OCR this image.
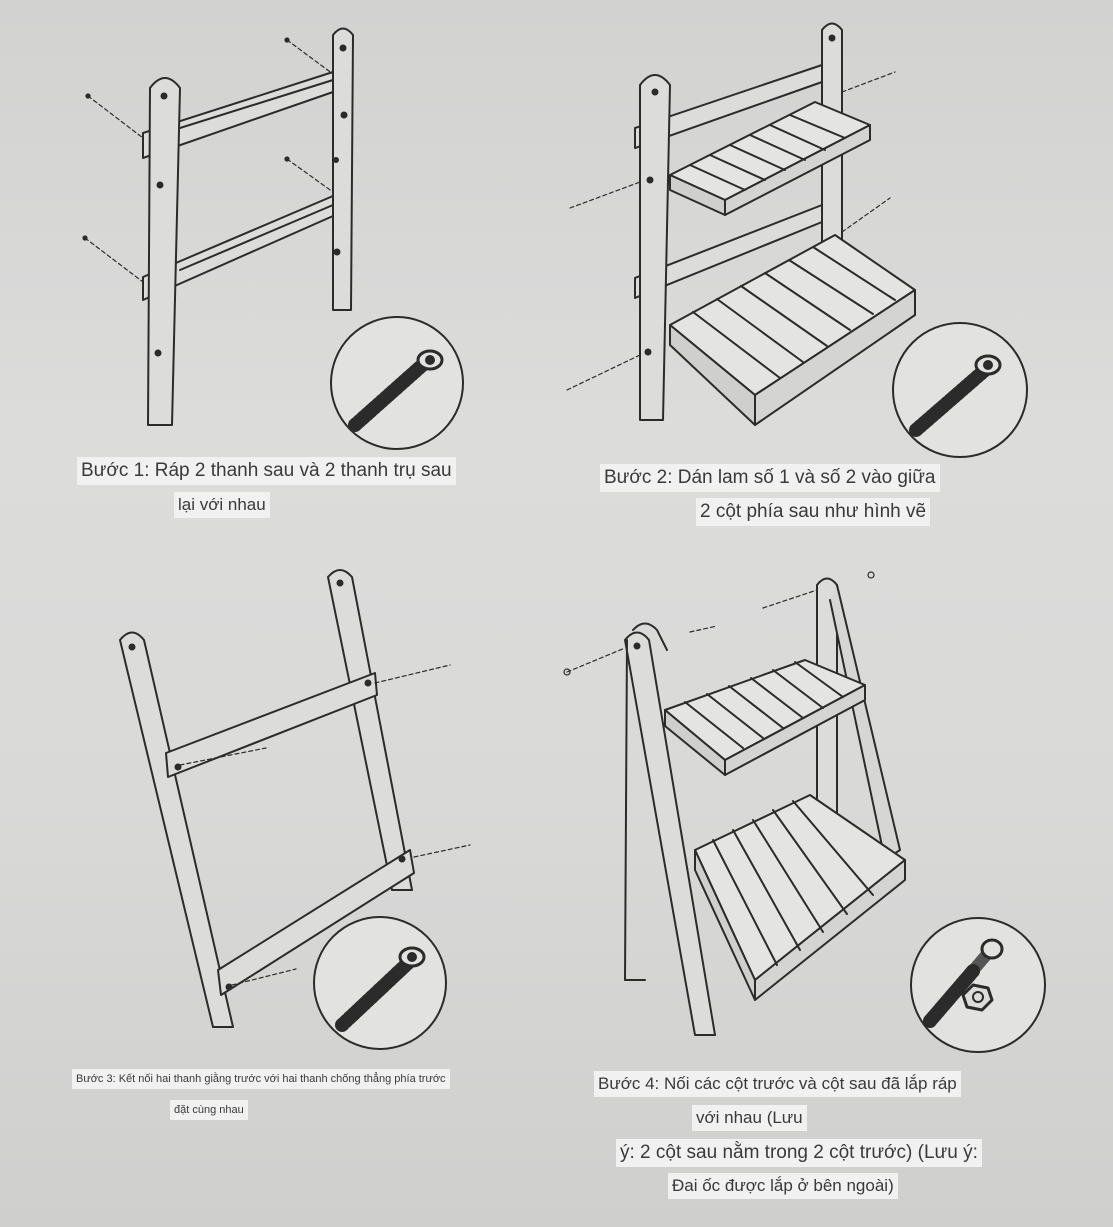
Bước 1: Ráp 2 thanh sau và 2 thanh trụ sau
lại với nhau
Bước 2: Dán lam số 1 và số 2 vào giữa
2 cột phía sau như hình vẽ
Bước 3: Kết nối hai thanh giằng trước với hai thanh chống thẳng phía trước
đặt cùng nhau
Bước 4: Nối các cột trước và cột sau đã lắp ráp
với nhau (Lưu
ý: 2 cột sau nằm trong 2 cột trước) (Lưu ý:
Đai ốc được lắp ở bên ngoài)
